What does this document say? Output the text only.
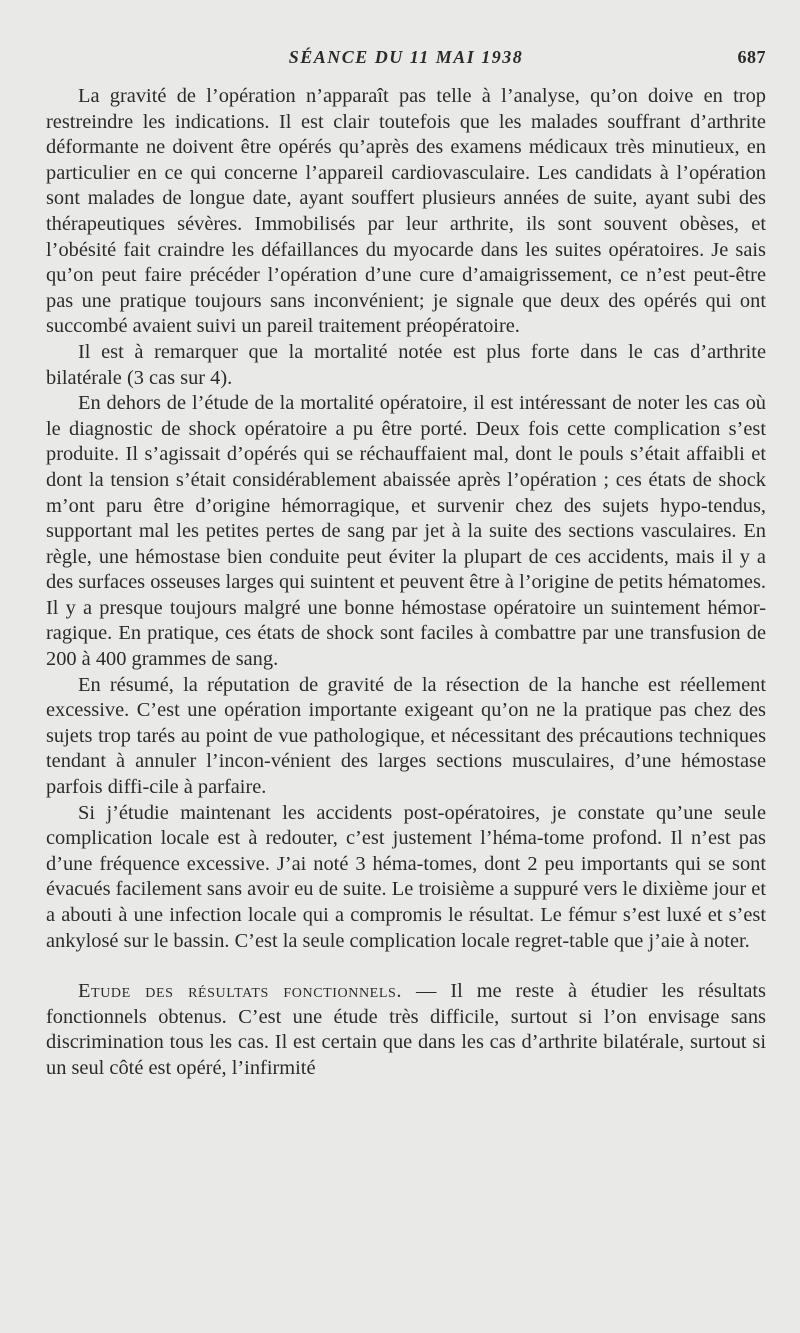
SÉANCE DU 11 MAI 1938	687

La gravité de l’opération n’apparaît pas telle à l’analyse, qu’on doive en trop restreindre les indications. Il est clair toutefois que les malades souffrant d’arthrite déformante ne doivent être opérés qu’après des examens médicaux très minutieux, en particulier en ce qui concerne l’appareil cardiovasculaire. Les candidats à l’opération sont malades de longue date, ayant souffert plusieurs années de suite, ayant subi des thérapeutiques sévères. Immobilisés par leur arthrite, ils sont souvent obèses, et l’obésité fait craindre les défaillances du myocarde dans les suites opératoires. Je sais qu’on peut faire précéder l’opération d’une cure d’amaigrissement, ce n’est peut-être pas une pratique toujours sans inconvénient; je signale que deux des opérés qui ont succombé avaient suivi un pareil traitement préopératoire.

Il est à remarquer que la mortalité notée est plus forte dans le cas d’arthrite bilatérale (3 cas sur 4).

En dehors de l’étude de la mortalité opératoire, il est intéressant de noter les cas où le diagnostic de shock opératoire a pu être porté. Deux fois cette complication s’est produite. Il s’agissait d’opérés qui se réchauffaient mal, dont le pouls s’était affaibli et dont la tension s’était considérablement abaissée après l’opération ; ces états de shock m’ont paru être d’origine hémorragique, et survenir chez des sujets hypo-tendus, supportant mal les petites pertes de sang par jet à la suite des sections vasculaires. En règle, une hémostase bien conduite peut éviter la plupart de ces accidents, mais il y a des surfaces osseuses larges qui suintent et peuvent être à l’origine de petits hématomes. Il y a presque toujours malgré une bonne hémostase opératoire un suintement hémor-ragique. En pratique, ces états de shock sont faciles à combattre par une transfusion de 200 à 400 grammes de sang.

En résumé, la réputation de gravité de la résection de la hanche est réellement excessive. C’est une opération importante exigeant qu’on ne la pratique pas chez des sujets trop tarés au point de vue pathologique, et nécessitant des précautions techniques tendant à annuler l’incon-vénient des larges sections musculaires, d’une hémostase parfois diffi-cile à parfaire.

Si j’étudie maintenant les accidents post-opératoires, je constate qu’une seule complication locale est à redouter, c’est justement l’héma-tome profond. Il n’est pas d’une fréquence excessive. J’ai noté 3 héma-tomes, dont 2 peu importants qui se sont évacués facilement sans avoir eu de suite. Le troisième a suppuré vers le dixième jour et a abouti à une infection locale qui a compromis le résultat. Le fémur s’est luxé et s’est ankylosé sur le bassin. C’est la seule complication locale regret-table que j’aie à noter.

Etude des résultats fonctionnels. — Il me reste à étudier les résultats fonctionnels obtenus. C’est une étude très difficile, surtout si l’on envisage sans discrimination tous les cas. Il est certain que dans les cas d’arthrite bilatérale, surtout si un seul côté est opéré, l’infirmité
